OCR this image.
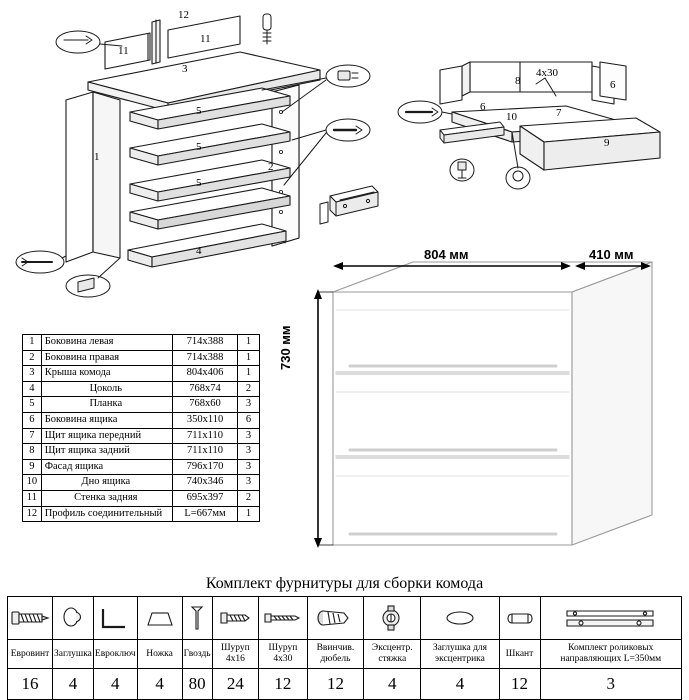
12
11
11
3
5
5
5
1
2
4
8
4х30
6
6
10	7
9
1	Боковина левая	714х388	1
2	Боковина правая	714х388	1
3	Крыша комода	804х406	1
4	Цоколь	768х74	2
5	Планка	768х60	3
6	Боковина ящика	350х110	6
7	Щит ящика передний	711х110	3
8	Щит ящика задний	711х110	3
9	Фасад ящика	796х170	3
10	Дно ящика	740х346	3
11	Стенка задняя	695х397	2
12	Профиль соединительный	L=667мм	1
804 мм	410 мм
730 мм
Комплект фурнитуры для сборки комода

Евровинт	Заглушка	Евроключ	Ножка	Гвоздь	Шуруп 4х16	Шуруп 4х30	Ввинчив. дюбель	Эксцентр. стяжка	Заглушка для эксцентрика	Шкант	Комплект роликовых направляющих L=350мм
16	4	4	4	80	24	12	12	4	4	12	3
